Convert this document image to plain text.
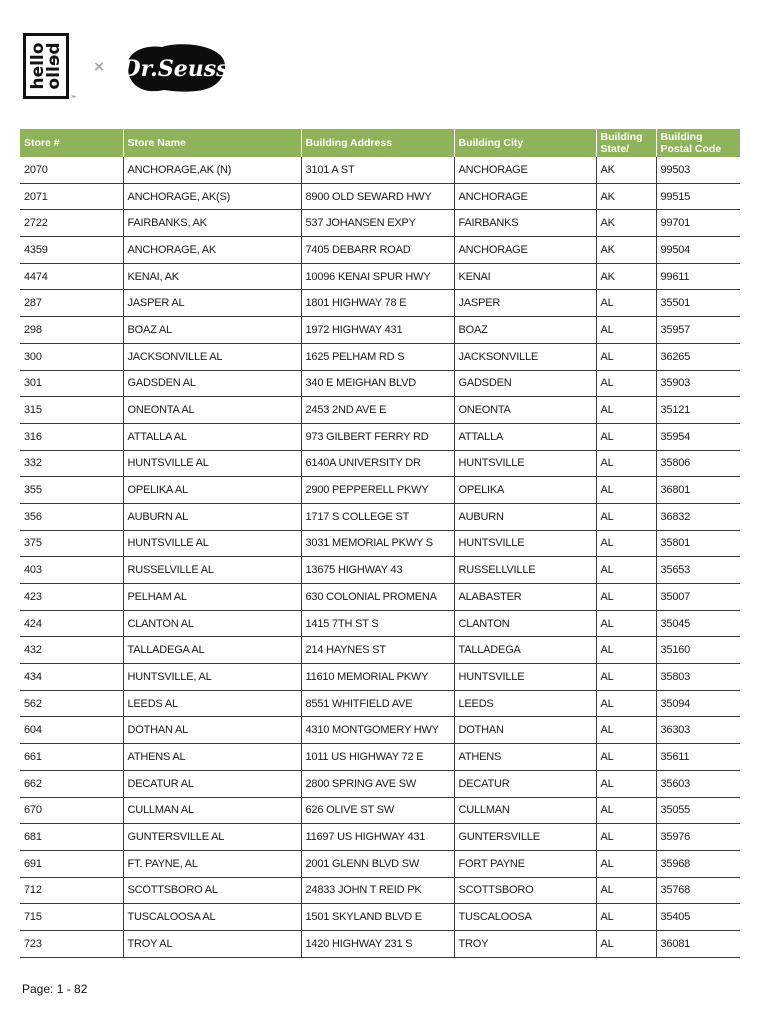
hello
bello
™
× Dr.Seuss
Store #	Store Name	Building Address	Building City	Building State/	Building Postal Code
2070	ANCHORAGE,AK (N)	3101 A ST	ANCHORAGE	AK	99503
2071	ANCHORAGE, AK(S)	8900 OLD SEWARD HWY	ANCHORAGE	AK	99515
2722	FAIRBANKS, AK	537 JOHANSEN EXPY	FAIRBANKS	AK	99701
4359	ANCHORAGE, AK	7405 DEBARR ROAD	ANCHORAGE	AK	99504
4474	KENAI, AK	10096 KENAI SPUR HWY	KENAI	AK	99611
287	JASPER AL	1801 HIGHWAY 78 E	JASPER	AL	35501
298	BOAZ AL	1972 HIGHWAY 431	BOAZ	AL	35957
300	JACKSONVILLE AL	1625 PELHAM RD S	JACKSONVILLE	AL	36265
301	GADSDEN AL	340 E MEIGHAN BLVD	GADSDEN	AL	35903
315	ONEONTA AL	2453 2ND AVE E	ONEONTA	AL	35121
316	ATTALLA AL	973 GILBERT FERRY RD	ATTALLA	AL	35954
332	HUNTSVILLE AL	6140A UNIVERSITY DR	HUNTSVILLE	AL	35806
355	OPELIKA AL	2900 PEPPERELL PKWY	OPELIKA	AL	36801
356	AUBURN AL	1717 S COLLEGE ST	AUBURN	AL	36832
375	HUNTSVILLE AL	3031 MEMORIAL PKWY S	HUNTSVILLE	AL	35801
403	RUSSELVILLE AL	13675 HIGHWAY 43	RUSSELLVILLE	AL	35653
423	PELHAM AL	630 COLONIAL PROMENA	ALABASTER	AL	35007
424	CLANTON AL	1415 7TH ST S	CLANTON	AL	35045
432	TALLADEGA AL	214 HAYNES ST	TALLADEGA	AL	35160
434	HUNTSVILLE, AL	11610 MEMORIAL PKWY	HUNTSVILLE	AL	35803
562	LEEDS AL	8551 WHITFIELD AVE	LEEDS	AL	35094
604	DOTHAN AL	4310 MONTGOMERY HWY	DOTHAN	AL	36303
661	ATHENS AL	1011 US HIGHWAY 72 E	ATHENS	AL	35611
662	DECATUR AL	2800 SPRING AVE SW	DECATUR	AL	35603
670	CULLMAN AL	626 OLIVE ST SW	CULLMAN	AL	35055
681	GUNTERSVILLE AL	11697 US HIGHWAY 431	GUNTERSVILLE	AL	35976
691	FT. PAYNE, AL	2001 GLENN BLVD SW	FORT PAYNE	AL	35968
712	SCOTTSBORO AL	24833 JOHN T REID PK	SCOTTSBORO	AL	35768
715	TUSCALOOSA AL	1501 SKYLAND BLVD E	TUSCALOOSA	AL	35405
723	TROY AL	1420 HIGHWAY 231 S	TROY	AL	36081
Page: 1 - 82
